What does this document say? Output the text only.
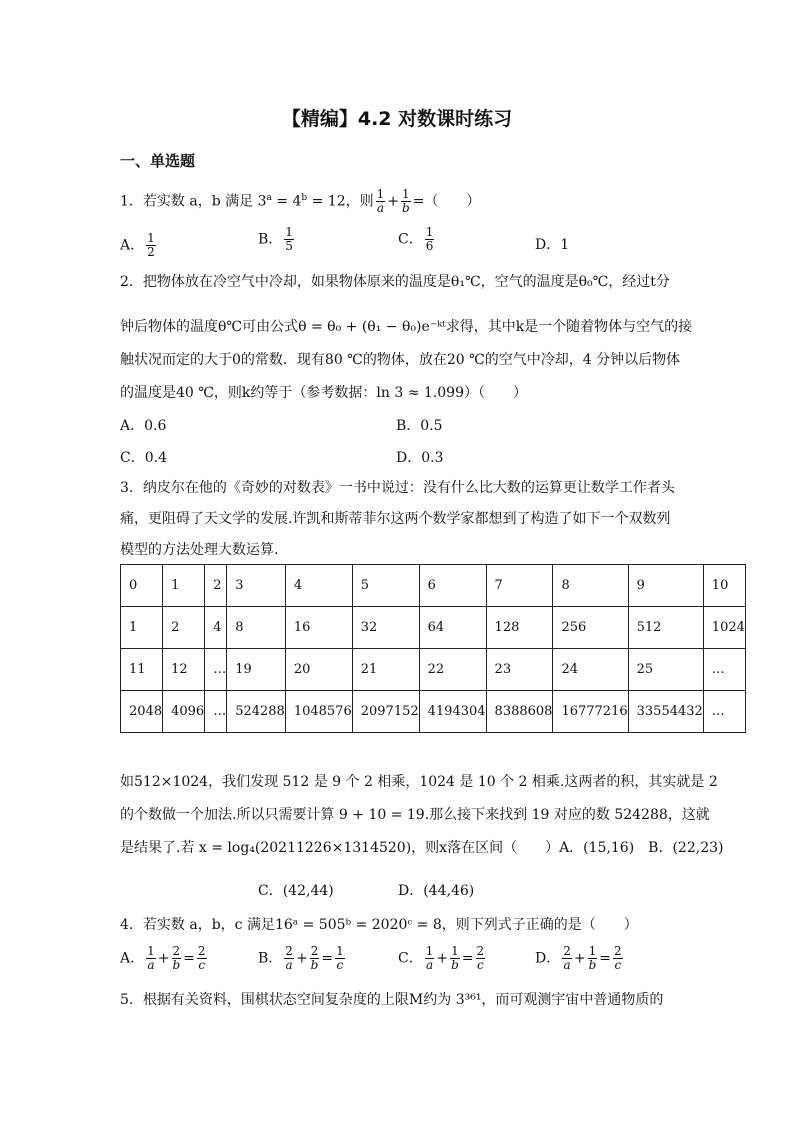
【精编】4.2 对数课时练习
一、单选题
1．若实数 a，b 满足 $3^a = 4^b = 12$，则 $\frac{1}{a} + \frac{1}{b}$ =（　　）
A． $\frac{1}{2}$	B． $\frac{1}{5}$	C． $\frac{1}{6}$	D．1
2．把物体放在冷空气中冷却，如果物体原来的温度是θ₁℃，空气的温度是θ₀℃，经过t分
钟后物体的温度θ℃可由公式θ = θ₀ + (θ₁ − θ₀)e⁻ᵏᵗ求得，其中k是一个随着物体与空气的接
触状况而定的大于0的常数．现有80 ℃的物体，放在20 ℃的空气中冷却，4 分钟以后物体
的温度是40 ℃，则k约等于（参考数据：ln 3 ≈ 1.099）（　　）
A．0.6	B．0.5
C．0.4	D．0.3
3．纳皮尔在他的《奇妙的对数表》一书中说过：没有什么比大数的运算更让数学工作者头
痛，更阻碍了天文学的发展.许凯和斯蒂菲尔这两个数学家都想到了构造了如下一个双数列
模型的方法处理大数运算.
0	1	2	3	4	5	6	7	8	9	10
1	2	4	8	16	32	64	128	256	512	1024
11	12	…	19	20	21	22	23	24	25	…
2048	4096	…	524288	1048576	2097152	4194304	8388608	16777216	33554432	…
如512×1024，我们发现 512 是 9 个 2 相乘，1024 是 10 个 2 相乘.这两者的积，其实就是 2
的个数做一个加法.所以只需要计算 9 + 10 = 19.那么接下来找到 19 对应的数 524288，这就
是结果了.若 x = log₄(20211226×1314520)，则x落在区间（　　）A．(15,16)　B．(22,23)
C．(42,44)	D．(44,46)
4．若实数 a，b，c 满足16ᵃ = 505ᵇ = 2020ᶜ = 8，则下列式子正确的是（　　）
A． $\frac{1}{a} + \frac{2}{b} = \frac{2}{c}$	B． $\frac{2}{a} + \frac{2}{b} = \frac{1}{c}$	C． $\frac{1}{a} + \frac{1}{b} = \frac{2}{c}$	D． $\frac{2}{a} + \frac{1}{b} = \frac{2}{c}$
5．根据有关资料，围棋状态空间复杂度的上限M约为 3³⁶¹，而可观测宇宙中普通物质的
